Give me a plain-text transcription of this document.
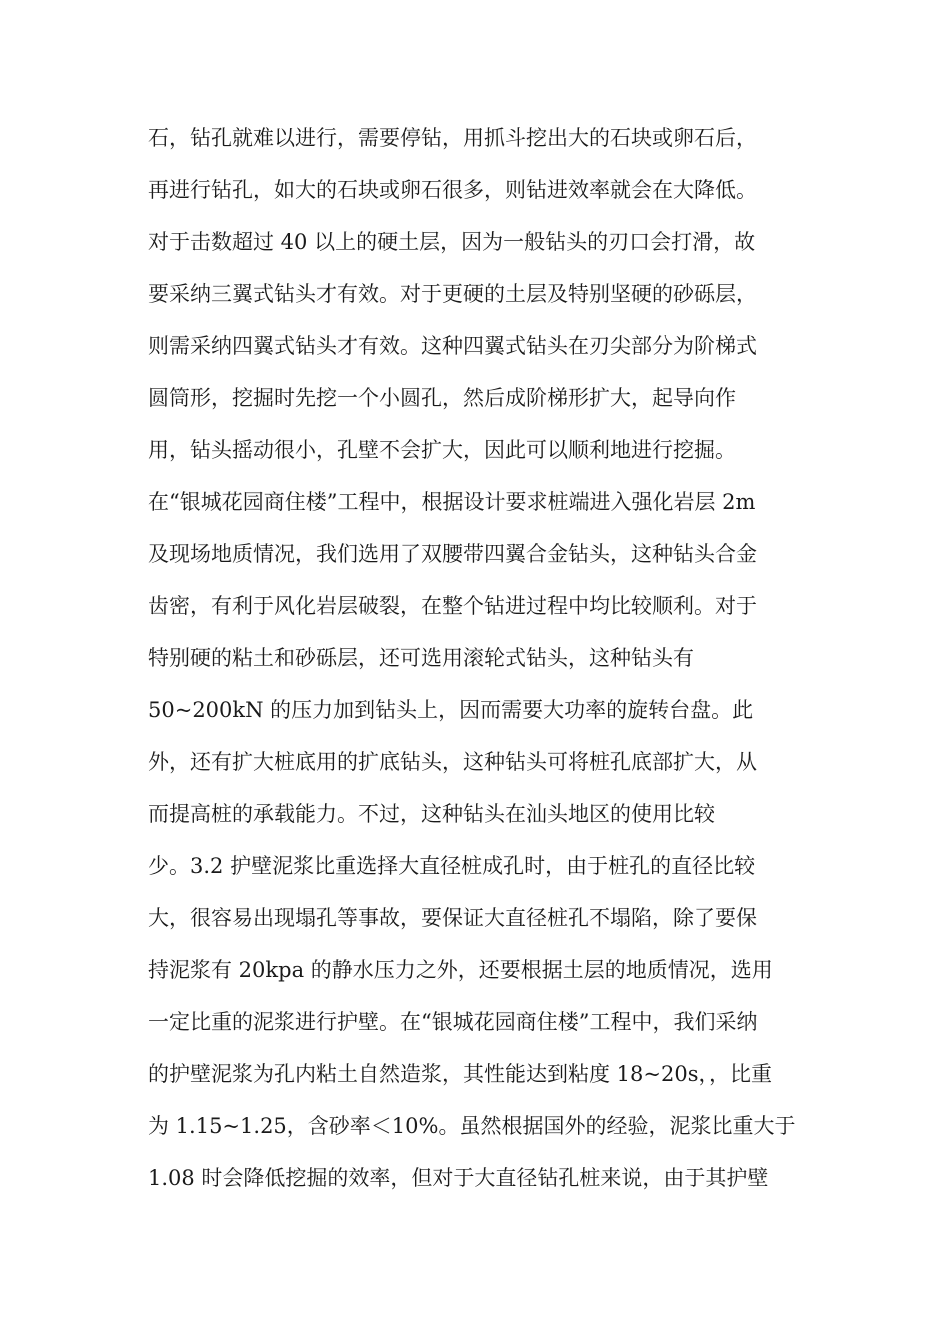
石，钻孔就难以进行，需要停钻，用抓斗挖出大的石块或卵石后，
再进行钻孔，如大的石块或卵石很多，则钻进效率就会在大降低。
对于击数超过 40 以上的硬土层，因为一般钻头的刃口会打滑，故
要采纳三翼式钻头才有效。对于更硬的土层及特别坚硬的砂砾层，
则需采纳四翼式钻头才有效。这种四翼式钻头在刃尖部分为阶梯式
圆筒形，挖掘时先挖一个小圆孔，然后成阶梯形扩大，起导向作
用，钻头摇动很小，孔壁不会扩大，因此可以顺利地进行挖掘。
在“银城花园商住楼”工程中，根据设计要求桩端进入强化岩层 2m
及现场地质情况，我们选用了双腰带四翼合金钻头，这种钻头合金
齿密，有利于风化岩层破裂，在整个钻进过程中均比较顺利。对于
特别硬的粘土和砂砾层，还可选用滚轮式钻头，这种钻头有
50~200kN 的压力加到钻头上，因而需要大功率的旋转台盘。此
外，还有扩大桩底用的扩底钻头，这种钻头可将桩孔底部扩大，从
而提高桩的承载能力。不过，这种钻头在汕头地区的使用比较
少。3.2 护壁泥浆比重选择大直径桩成孔时，由于桩孔的直径比较
大，很容易出现塌孔等事故，要保证大直径桩孔不塌陷，除了要保
持泥浆有 20kpa 的静水压力之外，还要根据土层的地质情况，选用
一定比重的泥浆进行护壁。在“银城花园商住楼”工程中，我们采纳
的护壁泥浆为孔内粘土自然造浆，其性能达到粘度 18~20s，，比重
为 1.15~1.25，含砂率＜10%。虽然根据国外的经验，泥浆比重大于
1.08 时会降低挖掘的效率，但对于大直径钻孔桩来说，由于其护壁
